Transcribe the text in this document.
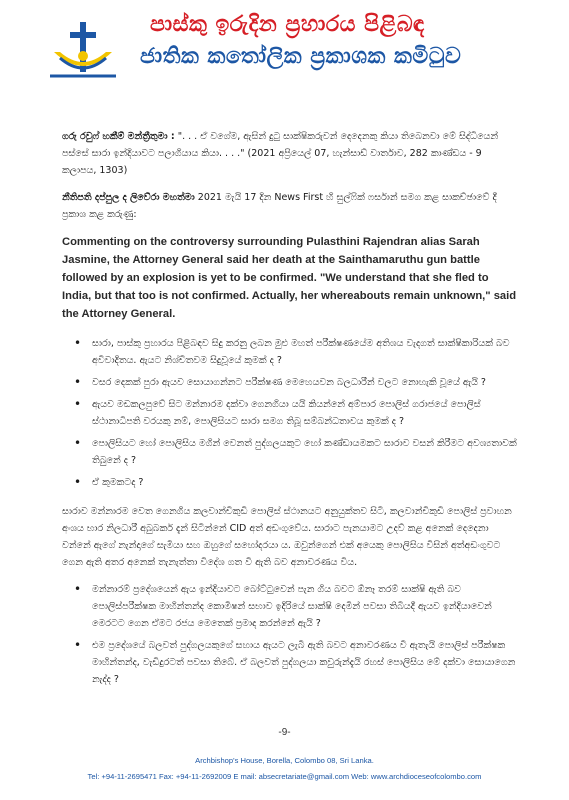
පාස්කු ඉරුදින ප්‍රහාරය පිළිබඳ
ජාතික කතෝලික ප්‍රකාශක කමිටුව

ගරු රවුෆ් හකීම් මන්ත්‍රීතුමා : ". . . ඒ වගේම, ඇසින් දුටු සාක්ෂිකරුවන් දෙදෙනකු කියා තිබෙනවා මේ සිද්ධියෙන් පස්සේ සාරා ඉන්දියාවට පලාගියාය කියා. . . ." (2021 අප්‍රියෙල් 07, හැන්සාඩ් වාර්තාව, 282 කාණ්ඩය - 9 කලාපය, 1303)

නීතිපති දප්පුල ද ලිවේරා මහත්මා 2021 මැයි 17 දින News First හි සුල්ෆික් ෆර්සාන් සමග කළ සාකච්ඡාවේ දී ප්‍රකාශ කළ කරුණු:

Commenting on the controversy surrounding Pulasthini Rajendran alias Sarah Jasmine, the Attorney General said her death at the Sainthamaruthu gun battle followed by an explosion is yet to be confirmed. "We understand that she fled to India, but that too is not confirmed. Actually, her whereabouts remain unknown," said the Attorney General.

• සාරා, පාස්කු ප්‍රහාරය පිළිබඳව සිදු කරනු ලබන මුළු මහත් පරීක්ෂණයේම අතිශය වැදගත් සාක්ෂිකාරියක් බව අවිවාදිතය. ඇයට නිශ්චිතවම සිදුවූයේ කුමක් ද ?
• වසර දෙකක් පුරා ඇයව සොයාගන්නට පරීක්ෂණ මෙහෙයවන බලධාරීන් වලට නොහැකි වූයේ ඇයි ?
• ඇයව මඩකලපුවේ සිට මන්නාරම දක්වා ගෙනගියා යයි කියන්නේ අම්පාර පොලිස් ගරාජයේ පොලිස් ස්ථානාධිපති වරයකු නම්, පොලිසියට සාරා සමග තිබූ සම්බන්ධතාවය කුමක් ද ?
• පොලිසියට හෝ පොලිසිය මගින් වෙනත් පුද්ගලයකුට හෝ කණ්ඩායමකට සාරාව වසන් කිරීමට අවශ්‍යතාවක් තිබුනේ ද ?
• ඒ කුමකටද ?

සාරාව මන්නාරම වෙත ගෙනගිය කලවාන්චිකුඩි පොලිස් ස්ථානයට අනුයුක්තව සිටි, කලවාන්චිකුඩි පොලිස් ප්‍රවාහන අංශය භාර නිලධාරී අබුබකර් දැන් සිටින්නේ CID අත් අඩංගුවේය. සාරාට පැනයාමට උදව් කළ අනෙක් දෙදෙනා වන්නේ ඇගේ නැන්දාගේ සැමියා සහ ඔහුගේ සහෝදරයා ය. ඔවුන්ගෙන් එක් අයෙකු පොලිසිය විසින් අත්අඩංගුවට ගෙන ඇති අතර අනෙක් තැනැත්තා විදේශ ගත වී ඇති බව අනාවරණය විය.

• මන්නාරම් ප්‍රදේශයෙන් ඇය ඉන්දියාවට බෝට්ටුවෙන් පැන ගිය බවට ඕනෑ තරම් සාක්ෂි ඇති බව පොලිස්පරීක්ෂක මාහින්තන්ද කොමීෂන් සභාව ඉදිරියේ සාක්ෂි දෙමින් පවසා තිබියදී ඇයව ඉන්දියාවෙන් මෙරටට ගෙන ඒමට රජය මෙතෙක් ප්‍රමාද කරන්නේ ඇයි ?
• එම ප්‍රදේශයේ බලවත් පුද්ගලයකුගේ සහාය ඇයට ලැබී ඇති බවට අනාවරණය වී ඇතැයි පොලිස් පරීක්ෂක මාහින්තන්ද, වැඩිදුරටත් පවසා තිබේ. ඒ බලවත් පුද්ගලයා කවුරුන්දැයි රහස් පොලිසිය මේ දක්වා සොයාගෙන නැද්ද ?
-9-
Archbishop's House, Borella, Colombo 08, Sri Lanka.
Tel: +94-11-2695471 Fax: +94-11-2692009 E mail: absecretariate@gmail.com Web: www.archdioceseofcolombo.com
